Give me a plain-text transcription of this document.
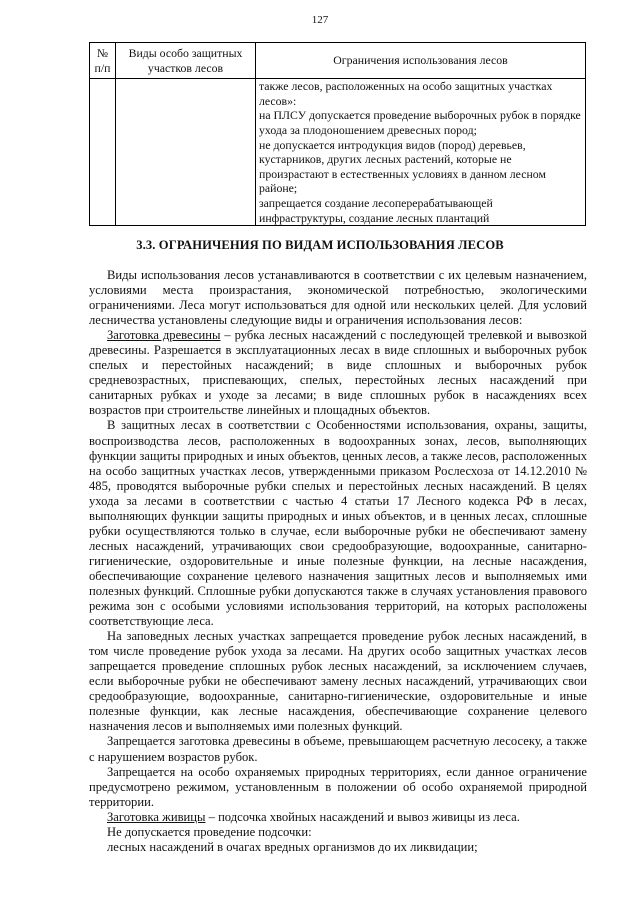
127
№ п/п	Виды особо защитных участков лесов	Ограничения использования лесов

		также лесов, расположенных на особо защитных участках лесов»:
на ПЛСУ допускается проведение выборочных рубок в порядке ухода за плодоношением древесных пород;
не допускается интродукция видов (пород) деревьев, кустарников, других лесных растений, которые не произрастают в естественных условиях в данном лесном районе;
запрещается создание лесоперерабатывающей инфраструктуры, создание лесных плантаций
3.3. ОГРАНИЧЕНИЯ ПО ВИДАМ ИСПОЛЬЗОВАНИЯ ЛЕСОВ

Виды использования лесов устанавливаются в соответствии с их целевым назначением, условиями места произрастания, экономической потребностью, экологическими ограничениями. Леса могут использоваться для одной или нескольких целей. Для условий лесничества установлены следующие виды и ограничения использования лесов:

Заготовка древесины – рубка лесных насаждений с последующей трелевкой и вывозкой древесины. Разрешается в эксплуатационных лесах в виде сплошных и выборочных рубок спелых и перестойных насаждений; в виде сплошных и выборочных рубок средневозрастных, приспевающих, спелых, перестойных лесных насаждений при санитарных рубках и уходе за лесами; в виде сплошных рубок в насаждениях всех возрастов при строительстве линейных и площадных объектов.

В защитных лесах в соответствии с Особенностями использования, охраны, защиты, воспроизводства лесов, расположенных в водоохранных зонах, лесов, выполняющих функции защиты природных и иных объектов, ценных лесов, а также лесов, расположенных на особо защитных участках лесов, утвержденными приказом Рослесхоза от 14.12.2010 № 485, проводятся выборочные рубки спелых и перестойных лесных насаждений. В целях ухода за лесами в соответствии с частью 4 статьи 17 Лесного кодекса РФ в лесах, выполняющих функции защиты природных и иных объектов, и в ценных лесах, сплошные рубки осуществляются только в случае, если выборочные рубки не обеспечивают замену лесных насаждений, утрачивающих свои средообразующие, водоохранные, санитарно-гигиенические, оздоровительные и иные полезные функции, на лесные насаждения, обеспечивающие сохранение целевого назначения защитных лесов и выполняемых ими полезных функций. Сплошные рубки допускаются также в случаях установления правового режима зон с особыми условиями использования территорий, на которых расположены соответствующие леса.

На заповедных лесных участках запрещается проведение рубок лесных насаждений, в том числе проведение рубок ухода за лесами. На других особо защитных участках лесов запрещается проведение сплошных рубок лесных насаждений, за исключением случаев, если выборочные рубки не обеспечивают замену лесных насаждений, утрачивающих свои средообразующие, водоохранные, санитарно-гигиенические, оздоровительные и иные полезные функции, как лесные насаждения, обеспечивающие сохранение целевого назначения лесов и выполняемых ими полезных функций.

Запрещается заготовка древесины в объеме, превышающем расчетную лесосеку, а также с нарушением возрастов рубок.

Запрещается на особо охраняемых природных территориях, если данное ограничение предусмотрено режимом, установленным в положении об особо охраняемой природной территории.

Заготовка живицы – подсочка хвойных насаждений и вывоз живицы из леса.

Не допускается проведение подсочки:

лесных насаждений в очагах вредных организмов до их ликвидации;
